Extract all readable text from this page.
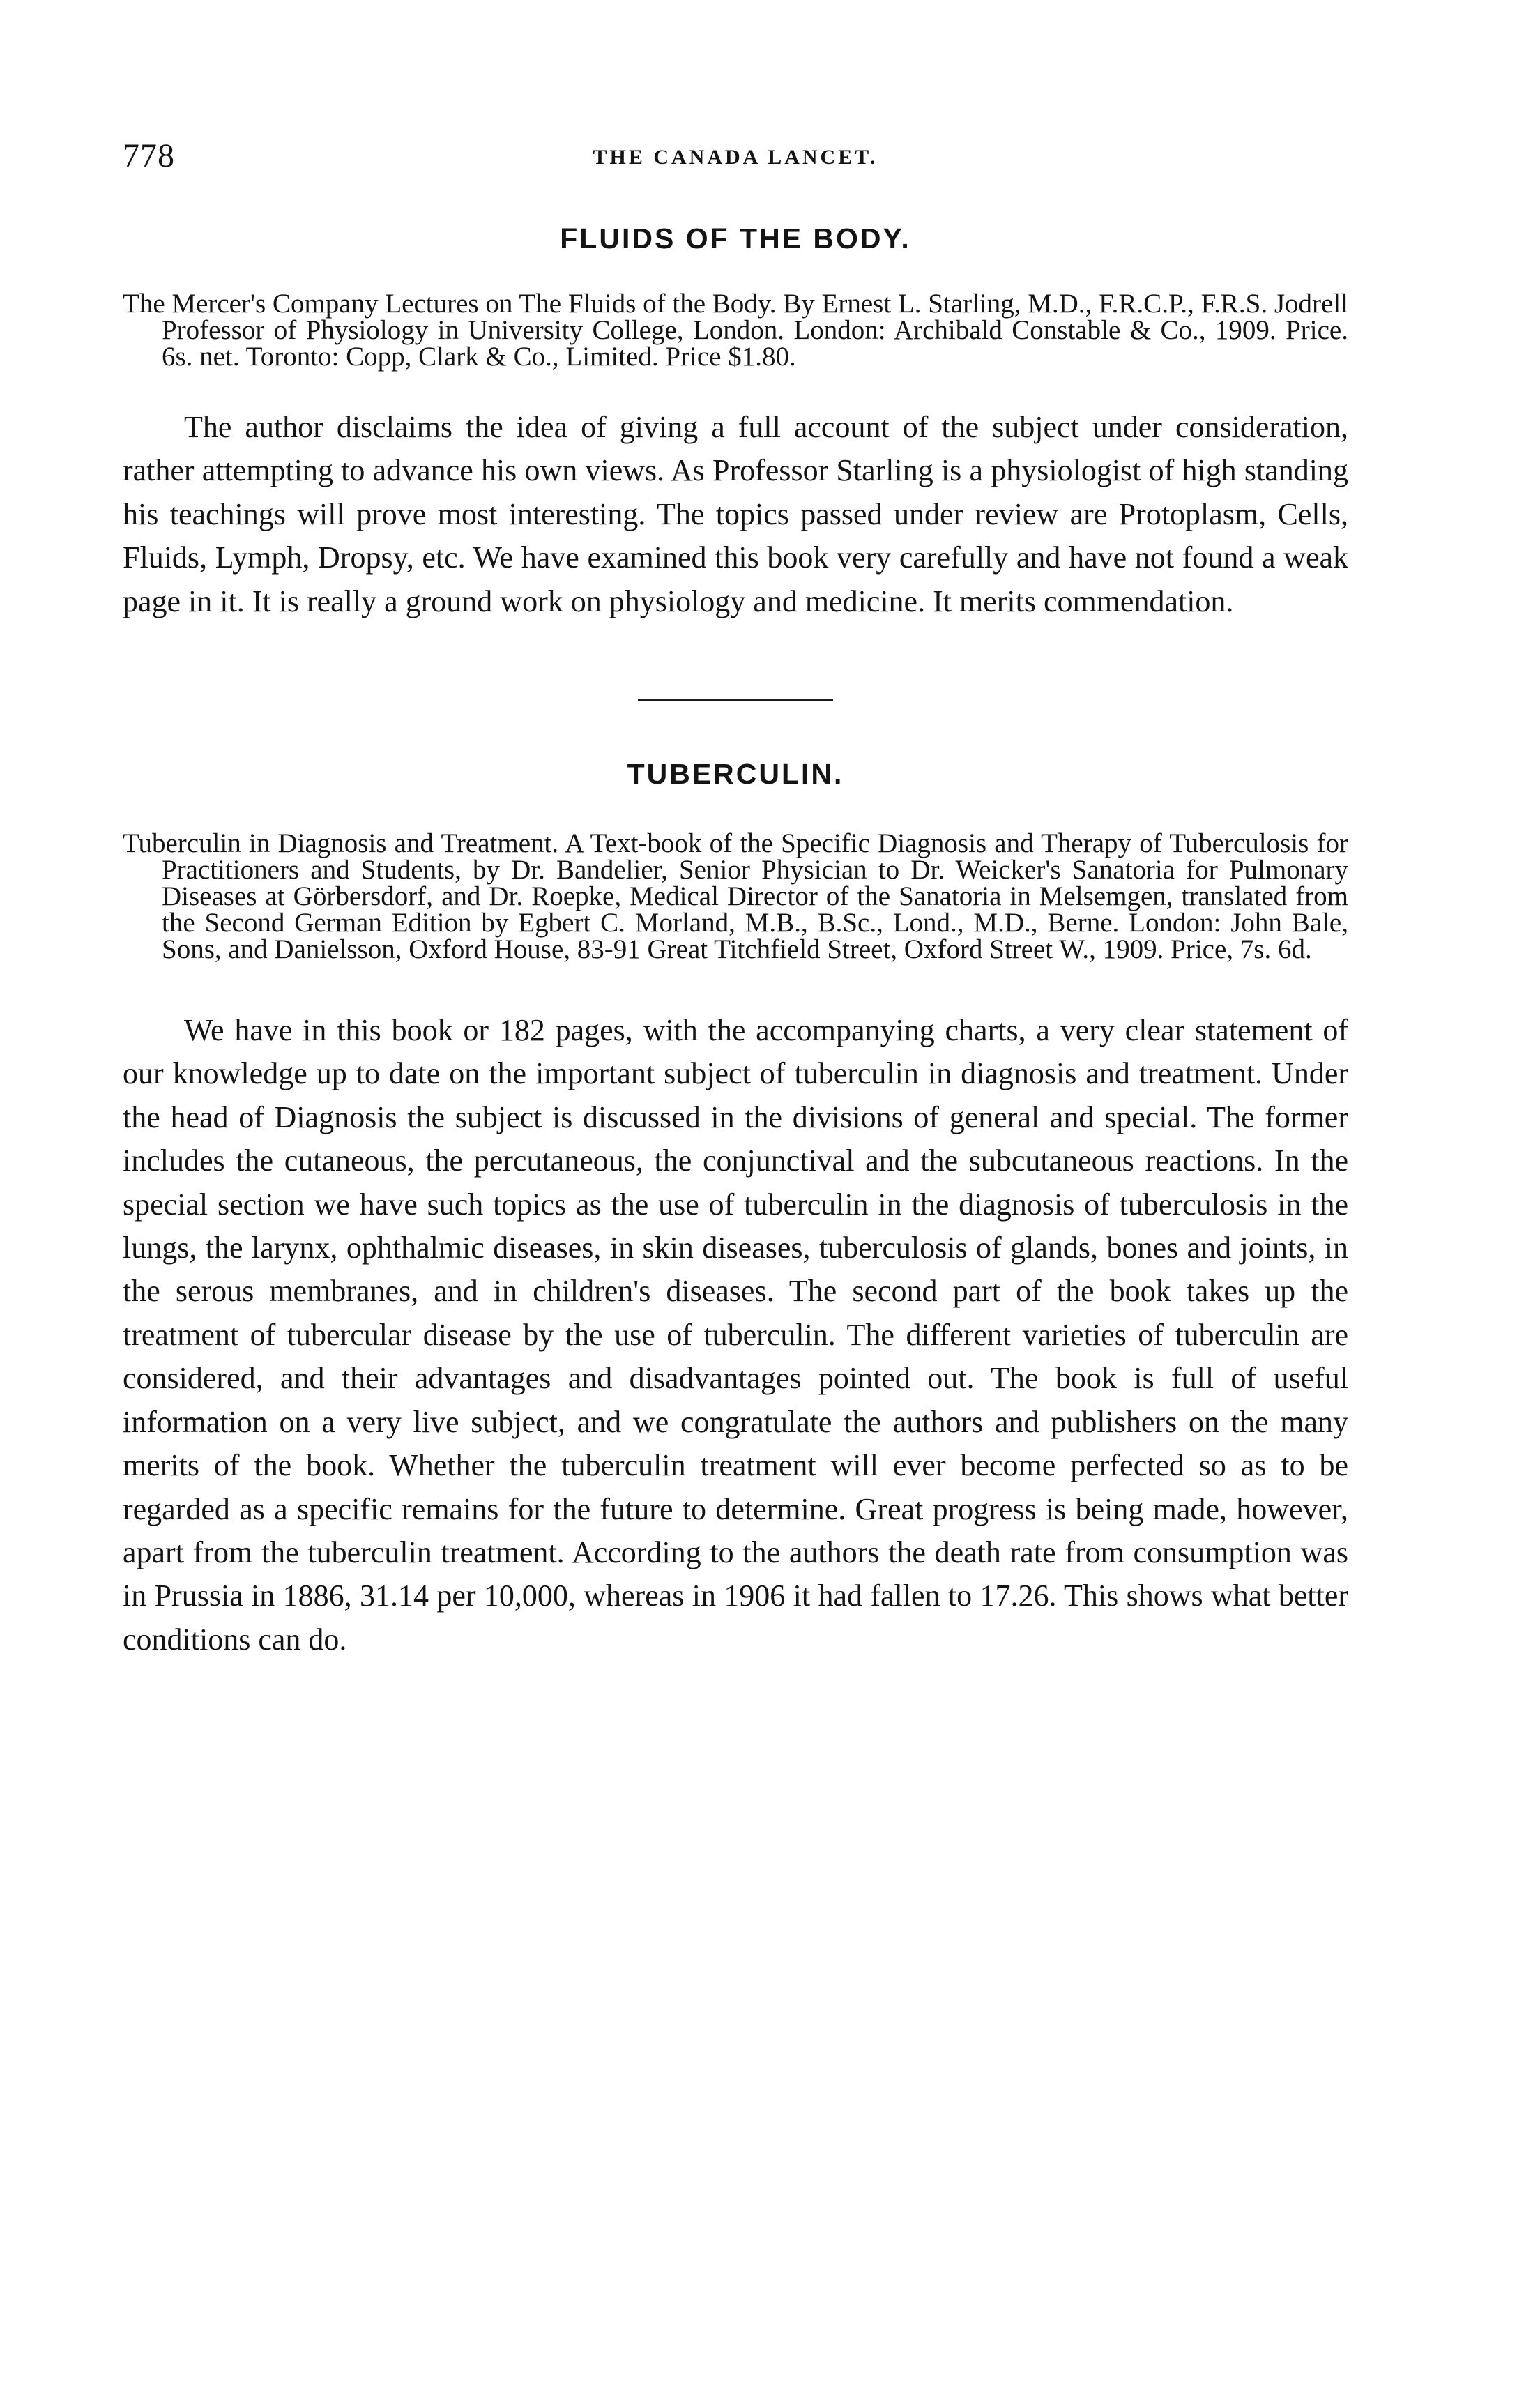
778	THE CANADA LANCET.
FLUIDS OF THE BODY.

The Mercer's Company Lectures on The Fluids of the Body. By Ernest L. Starling, M.D., F.R.C.P., F.R.S. Jodrell Professor of Physiology in University College, London. London: Archibald Constable & Co., 1909. Price. 6s. net. Toronto: Copp, Clark & Co., Limited. Price $1.80.

The author disclaims the idea of giving a full account of the subject under consideration, rather attempting to advance his own views. As Professor Starling is a physiologist of high standing his teachings will prove most interesting. The topics passed under review are Protoplasm, Cells, Fluids, Lymph, Dropsy, etc. We have examined this book very carefully and have not found a weak page in it. It is really a ground work on physiology and medicine. It merits commendation.

TUBERCULIN.

Tuberculin in Diagnosis and Treatment. A Text-book of the Specific Diagnosis and Therapy of Tuberculosis for Practitioners and Students, by Dr. Bandelier, Senior Physician to Dr. Weicker's Sanatoria for Pulmonary Diseases at Görbersdorf, and Dr. Roepke, Medical Director of the Sanatoria in Melsemgen, translated from the Second German Edition by Egbert C. Morland, M.B., B.Sc., Lond., M.D., Berne. London: John Bale, Sons, and Danielsson, Oxford House, 83-91 Great Titchfield Street, Oxford Street W., 1909. Price, 7s. 6d.

We have in this book or 182 pages, with the accompanying charts, a very clear statement of our knowledge up to date on the important subject of tuberculin in diagnosis and treatment. Under the head of Diagnosis the subject is discussed in the divisions of general and special. The former includes the cutaneous, the percutaneous, the conjunctival and the subcutaneous reactions. In the special section we have such topics as the use of tuberculin in the diagnosis of tuberculosis in the lungs, the larynx, ophthalmic diseases, in skin diseases, tuberculosis of glands, bones and joints, in the serous membranes, and in children's diseases. The second part of the book takes up the treatment of tubercular disease by the use of tuberculin. The different varieties of tuberculin are considered, and their advantages and disadvantages pointed out. The book is full of useful information on a very live subject, and we congratulate the authors and publishers on the many merits of the book. Whether the tuberculin treatment will ever become perfected so as to be regarded as a specific remains for the future to determine. Great progress is being made, however, apart from the tuberculin treatment. According to the authors the death rate from consumption was in Prussia in 1886, 31.14 per 10,000, whereas in 1906 it had fallen to 17.26. This shows what better conditions can do.
